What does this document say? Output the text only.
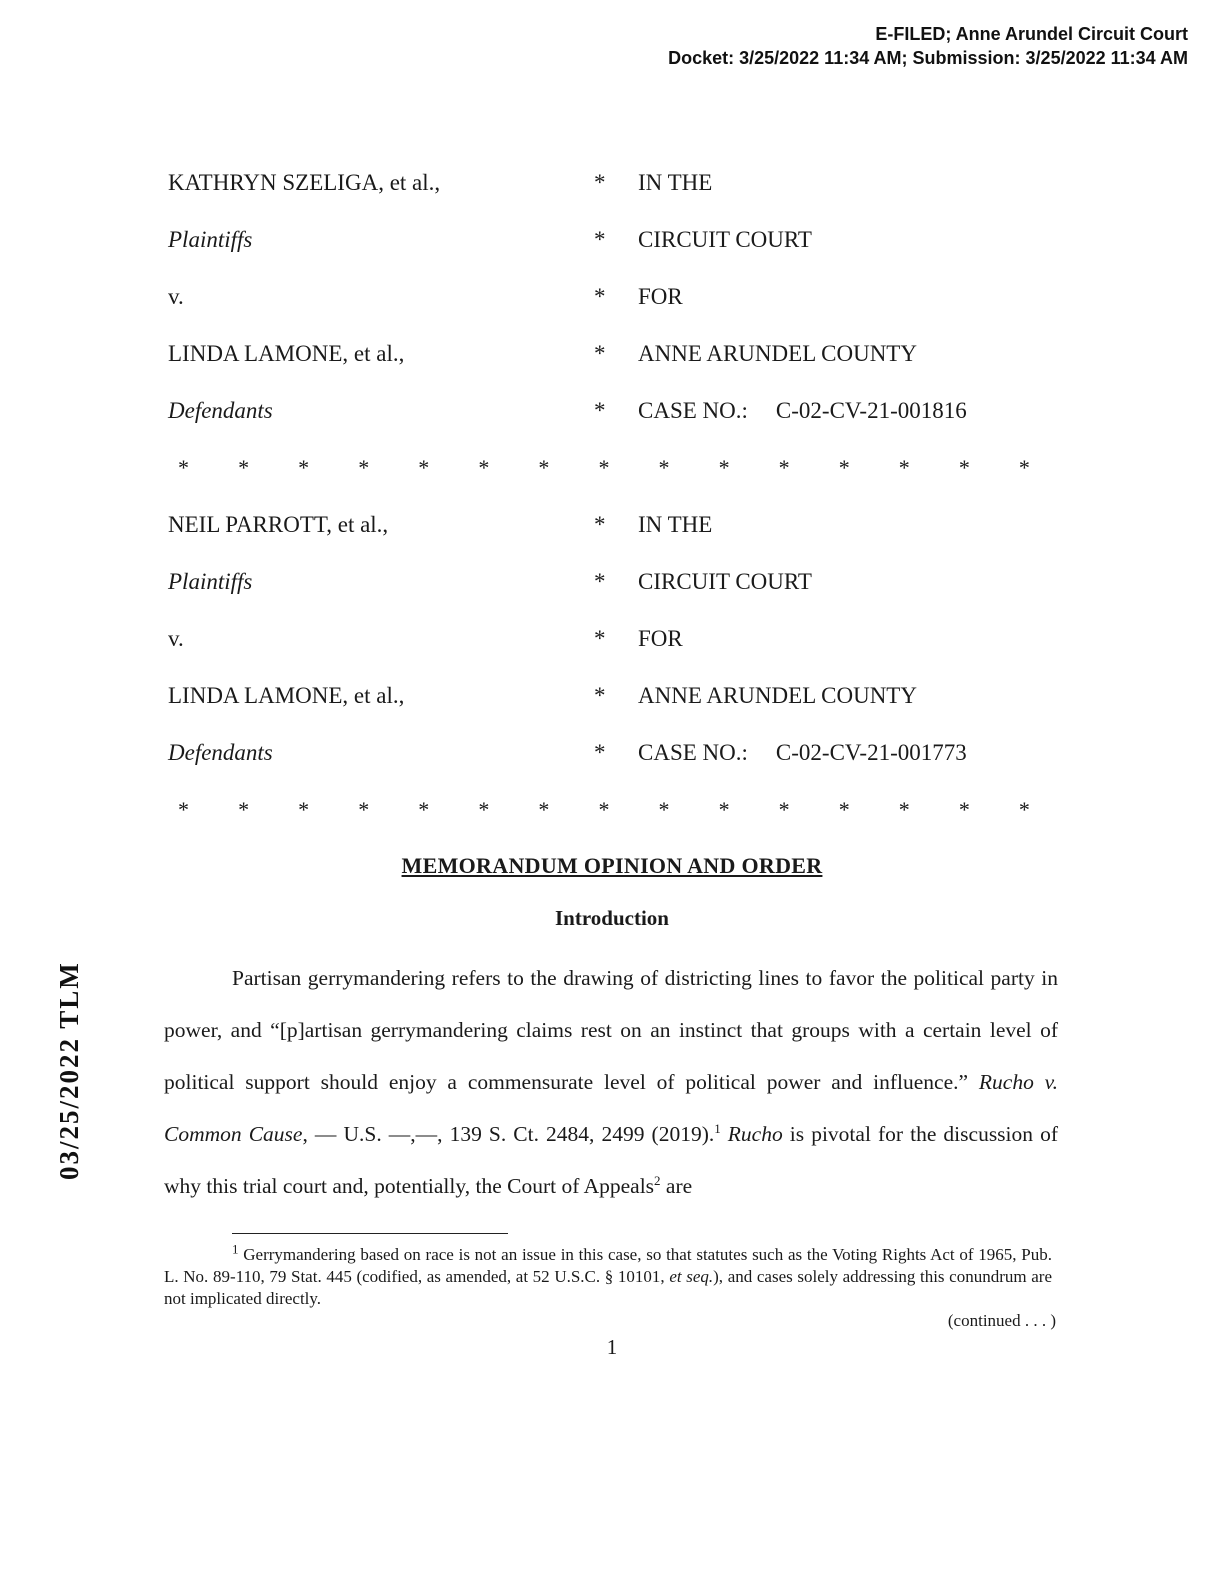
E-FILED; Anne Arundel Circuit Court
Docket: 3/25/2022 11:34 AM; Submission: 3/25/2022 11:34 AM
03/25/2022 TLM
KATHRYN SZELIGA, et al.,	* IN THE
Plaintiffs	* CIRCUIT COURT
v.	* FOR
LINDA LAMONE, et al.,	* ANNE ARUNDEL COUNTY
Defendants	* CASE NO.: C-02-CV-21-001816
* * * * * * * * * * * * * * *
NEIL PARROTT, et al.,	* IN THE
Plaintiffs	* CIRCUIT COURT
v.	* FOR
LINDA LAMONE, et al.,	* ANNE ARUNDEL COUNTY
Defendants	* CASE NO.: C-02-CV-21-001773
* * * * * * * * * * * * * * *
MEMORANDUM OPINION AND ORDER
Introduction

Partisan gerrymandering refers to the drawing of districting lines to favor the political party in power, and “[p]artisan gerrymandering claims rest on an instinct that groups with a certain level of political support should enjoy a commensurate level of political power and influence.” Rucho v. Common Cause, — U.S. —,—, 139 S. Ct. 2484, 2499 (2019).$^1$ Rucho is pivotal for the discussion of why this trial court and, potentially, the Court of Appeals$^2$ are

$^1$ Gerrymandering based on race is not an issue in this case, so that statutes such as the Voting Rights Act of 1965, Pub. L. No. 89-110, 79 Stat. 445 (codified, as amended, at 52 U.S.C. § 10101, et seq.), and cases solely addressing this conundrum are not implicated directly.
(continued . . . )
1
